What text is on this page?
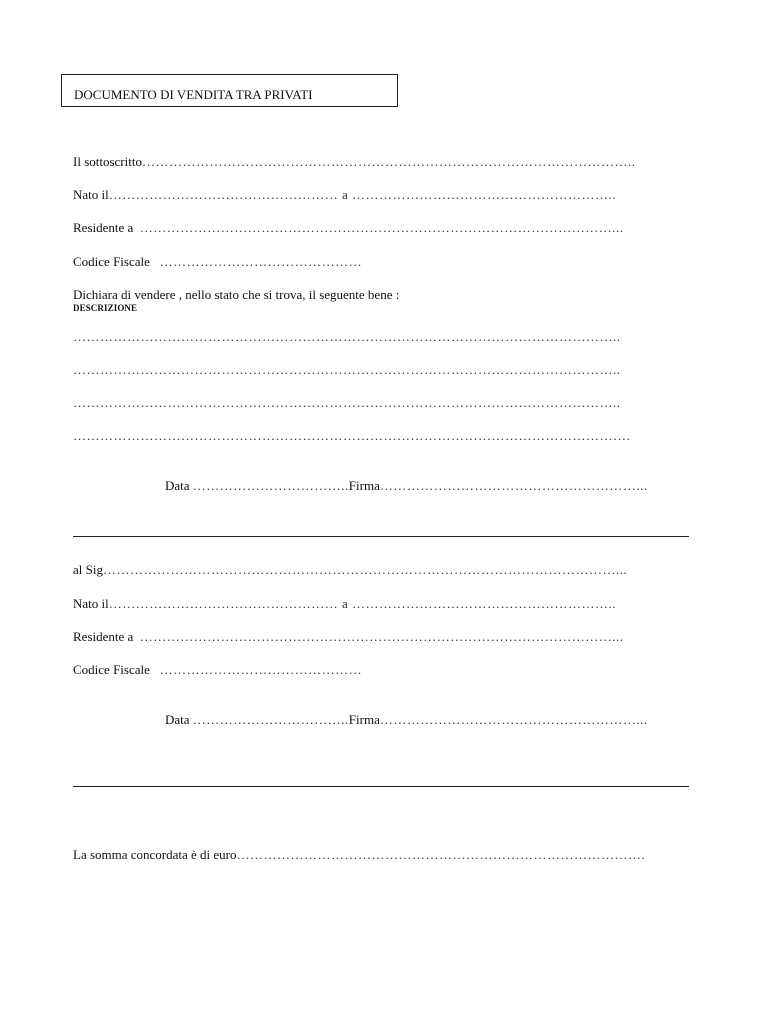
DOCUMENTO DI VENDITA TRA PRIVATI
Il sottoscritto………………………………………………………………………………………………..
Nato il…………………………………………… a …………………………………………………..
Residente a ……………………………………………………………………………………………...
Codice Fiscale ………………………………………
Dichiara di vendere , nello stato che si trova, il seguente bene :
DESCRIZIONE
…………………………………………………………………………………………………………..
…………………………………………………………………………………………………………..
…………………………………………………………………………………………………………..
…………………………………………………………………………………………………………….
Data ……………………………..Firma…………………………………………………...
al Sig……………………………………………………………………………………………………...
Nato il…………………………………………… a …………………………………………………..
Residente a ……………………………………………………………………………………………...
Codice Fiscale ………………………………………
Data ……………………………..Firma…………………………………………………...
La somma concordata è di euro……………………………………………………………………………….
